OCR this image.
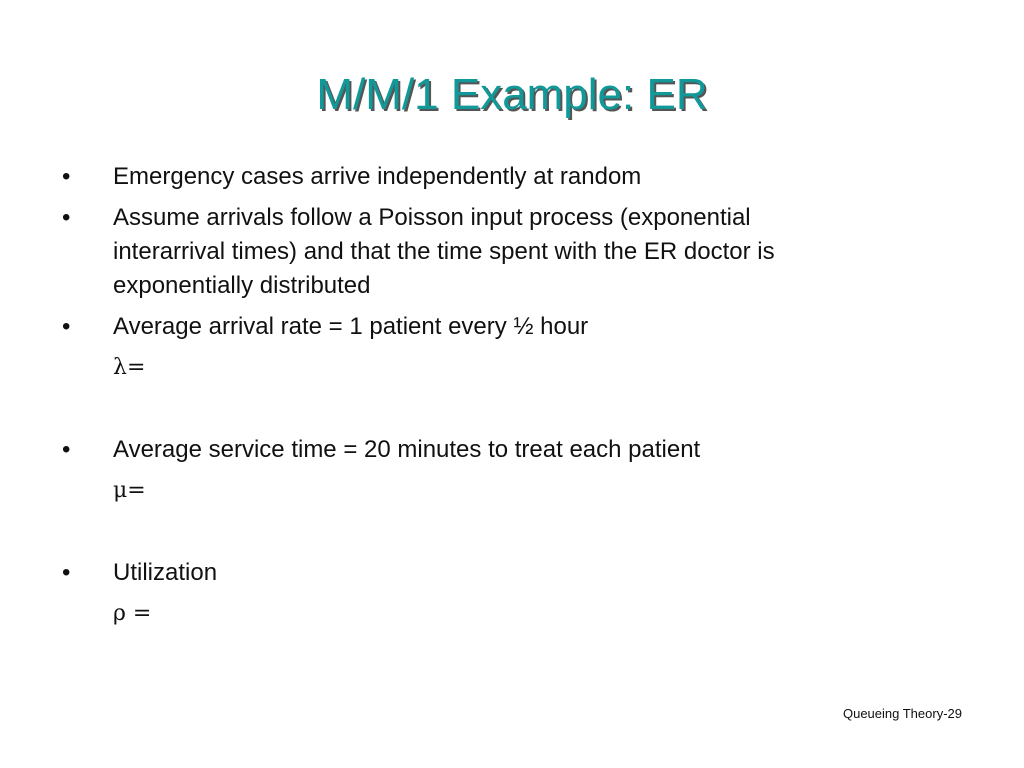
M/M/1 Example: ER
• Emergency cases arrive independently at random
• Assume arrivals follow a Poisson input process (exponential
interarrival times) and that the time spent with the ER doctor is
exponentially distributed
• Average arrival rate = 1 patient every ½ hour
λ=
• Average service time = 20 minutes to treat each patient
μ=
• Utilization
ρ =
Queueing Theory-29
